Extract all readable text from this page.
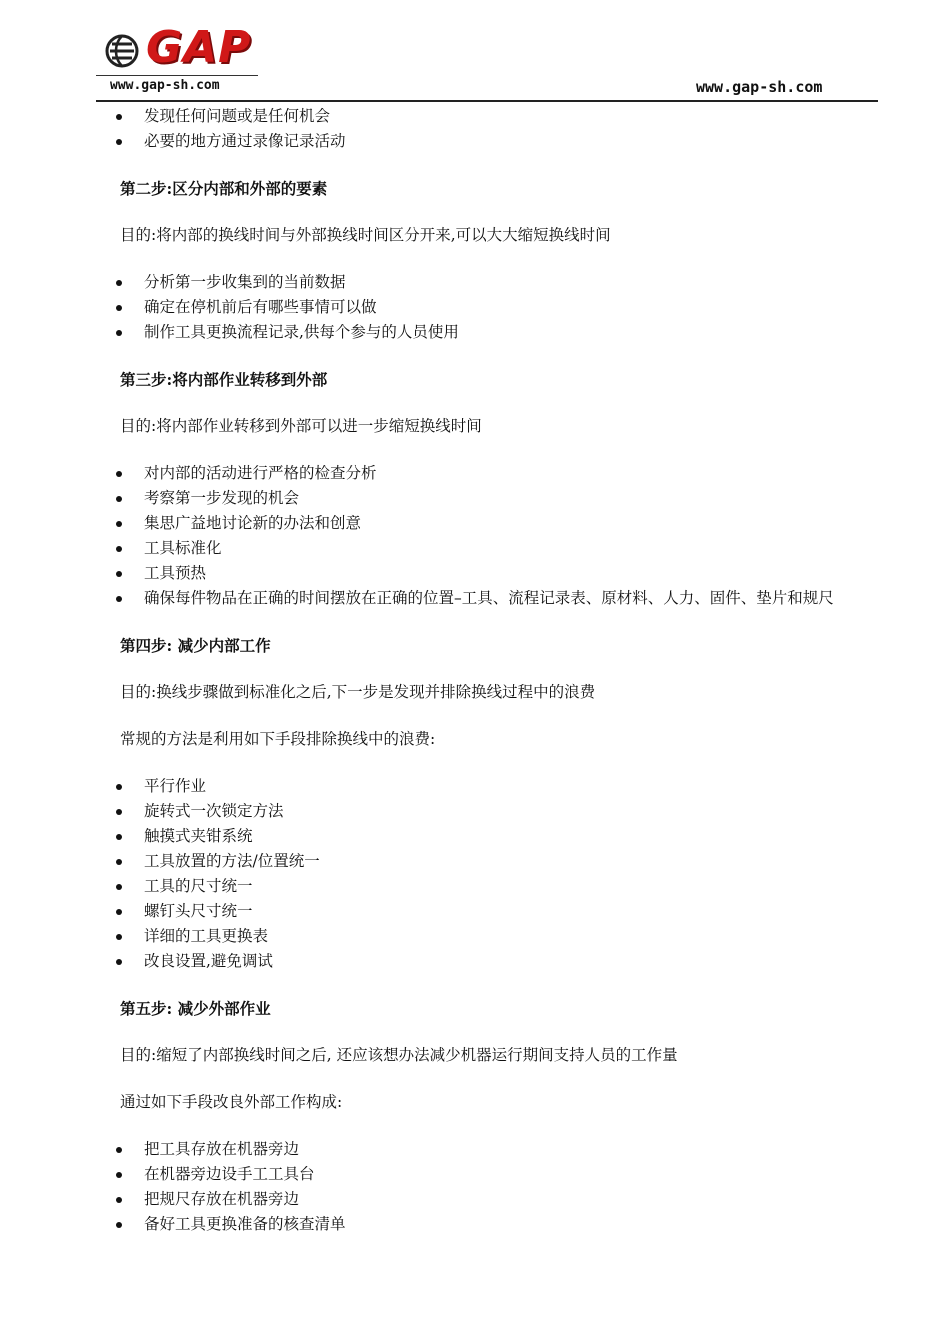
GAP
www.gap-sh.com	www.gap-sh.com
发现任何问题或是任何机会
必要的地方通过录像记录活动

第二步:区分内部和外部的要素

目的:将内部的换线时间与外部换线时间区分开来,可以大大缩短换线时间

分析第一步收集到的当前数据
确定在停机前后有哪些事情可以做
制作工具更换流程记录,供每个参与的人员使用

第三步:将内部作业转移到外部

目的:将内部作业转移到外部可以进一步缩短换线时间

对内部的活动进行严格的检查分析
考察第一步发现的机会
集思广益地讨论新的办法和创意
工具标准化
工具预热
确保每件物品在正确的时间摆放在正确的位置–工具、流程记录表、原材料、人力、固件、垫片和规尺

第四步: 减少内部工作

目的:换线步骤做到标准化之后,下一步是发现并排除换线过程中的浪费

常规的方法是利用如下手段排除换线中的浪费:

平行作业
旋转式一次锁定方法
触摸式夹钳系统
工具放置的方法/位置统一
工具的尺寸统一
螺钉头尺寸统一
详细的工具更换表
改良设置,避免调试

第五步: 减少外部作业

目的:缩短了内部换线时间之后, 还应该想办法减少机器运行期间支持人员的工作量

通过如下手段改良外部工作构成:

把工具存放在机器旁边
在机器旁边设手工工具台
把规尺存放在机器旁边
备好工具更换准备的核查清单
